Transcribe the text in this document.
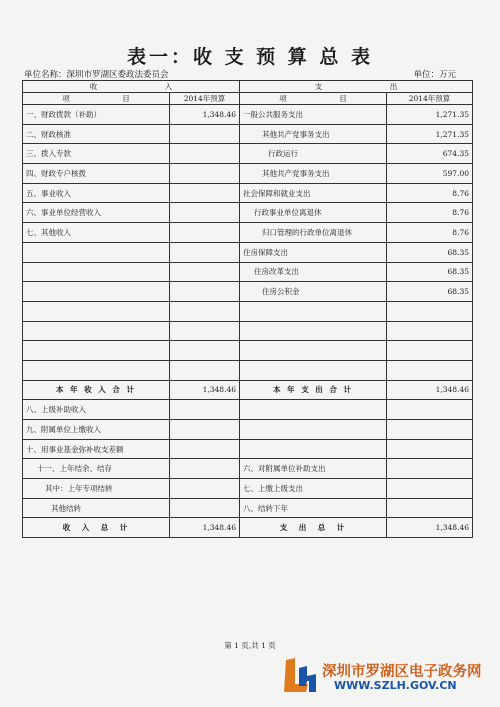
表一：收 支 预 算 总 表
单位名称：深圳市罗湖区委政法委员会	单位：万元
收　　　　　　　　　入		支　　　　　　　　　出	
项　　　　　　　目	2014年预算	项　　　　　　　目	2014年预算
一、财政拨款（补助）	1,348.46	一般公共服务支出	1,271.35
二、财政核准		其他共产党事务支出	1,271.35
三、拨入专款		行政运行	674.35
四、财政专户核拨		其他共产党事务支出	597.00
五、事业收入		社会保障和就业支出	8.76
六、事业单位经营收入		行政事业单位离退休	8.76
七、其他收入		归口管理的行政单位离退休	8.76
		住房保障支出	68.35
		住房改革支出	68.35
		住房公积金	68.35

本 年 收 入 合 计	1,348.46	本 年 支 出 合 计	1,348.46
八、上级补助收入			
九、附属单位上缴收入			
十、用事业基金弥补收支差额			
十一、上年结余、结存		六、对附属单位补助支出	
其中：上年专项结转		七、上缴上级支出	
其他结转		八、结转下年	
收　入　总　计	1,348.46	支　出　总　计	1,348.46
第 1 页,共 1 页
深圳市罗湖区电子政务网
WWW.SZLH.GOV.CN
